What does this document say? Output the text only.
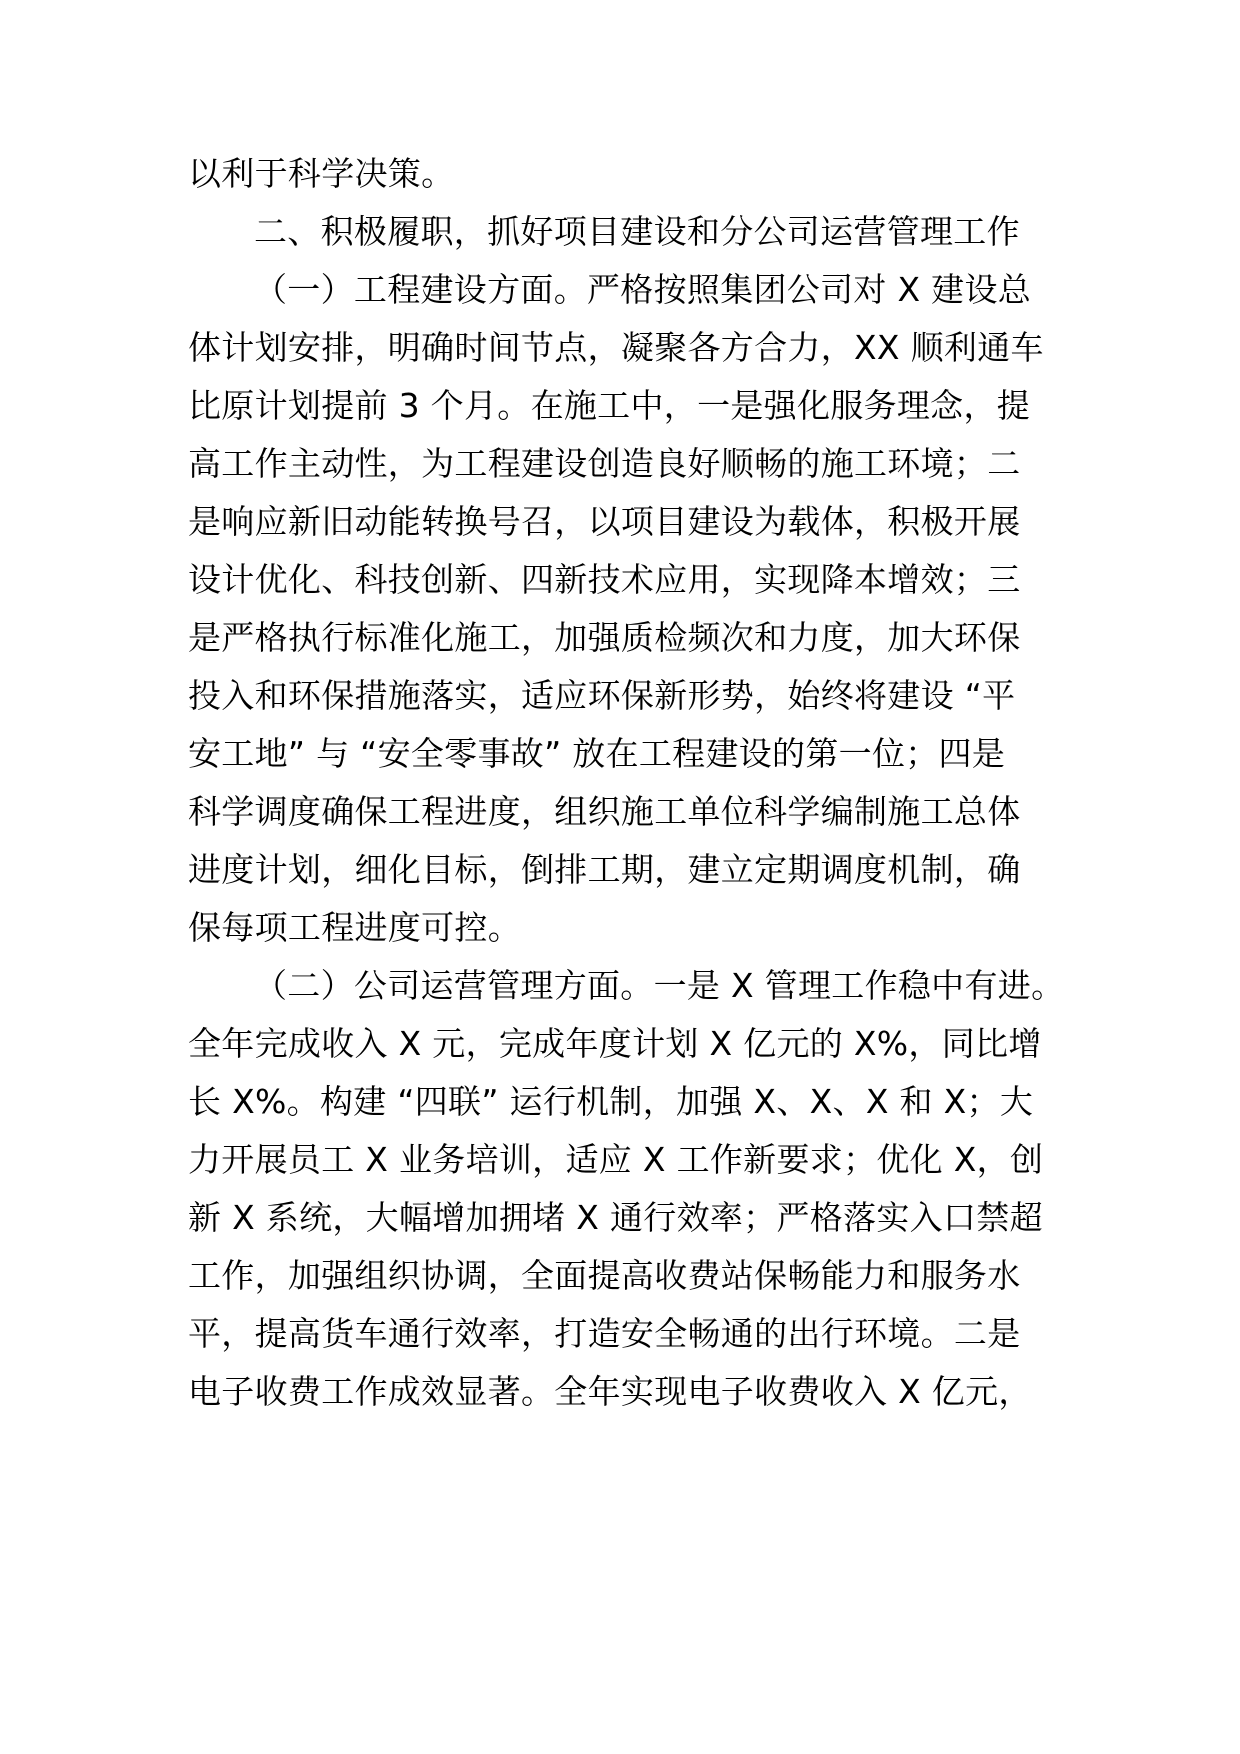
以利于科学决策。
二、积极履职，抓好项目建设和分公司运营管理工作
（一）工程建设方面。严格按照集团公司对 X 建设总
体计划安排，明确时间节点，凝聚各方合力，XX 顺利通车
比原计划提前 3 个月。在施工中，一是强化服务理念，提
高工作主动性，为工程建设创造良好顺畅的施工环境；二
是响应新旧动能转换号召，以项目建设为载体，积极开展
设计优化、科技创新、四新技术应用，实现降本增效；三
是严格执行标准化施工，加强质检频次和力度，加大环保
投入和环保措施落实，适应环保新形势，始终将建设 “平
安工地” 与 “安全零事故” 放在工程建设的第一位；四是
科学调度确保工程进度，组织施工单位科学编制施工总体
进度计划，细化目标，倒排工期，建立定期调度机制，确
保每项工程进度可控。
（二）公司运营管理方面。一是 X 管理工作稳中有进。
全年完成收入 X 元，完成年度计划 X 亿元的 X%，同比增
长 X%。构建 “四联” 运行机制，加强 X、X、X 和 X；大
力开展员工 X 业务培训，适应 X 工作新要求；优化 X，创
新 X 系统，大幅增加拥堵 X 通行效率；严格落实入口禁超
工作，加强组织协调，全面提高收费站保畅能力和服务水
平，提高货车通行效率，打造安全畅通的出行环境。二是
电子收费工作成效显著。全年实现电子收费收入 X 亿元，
